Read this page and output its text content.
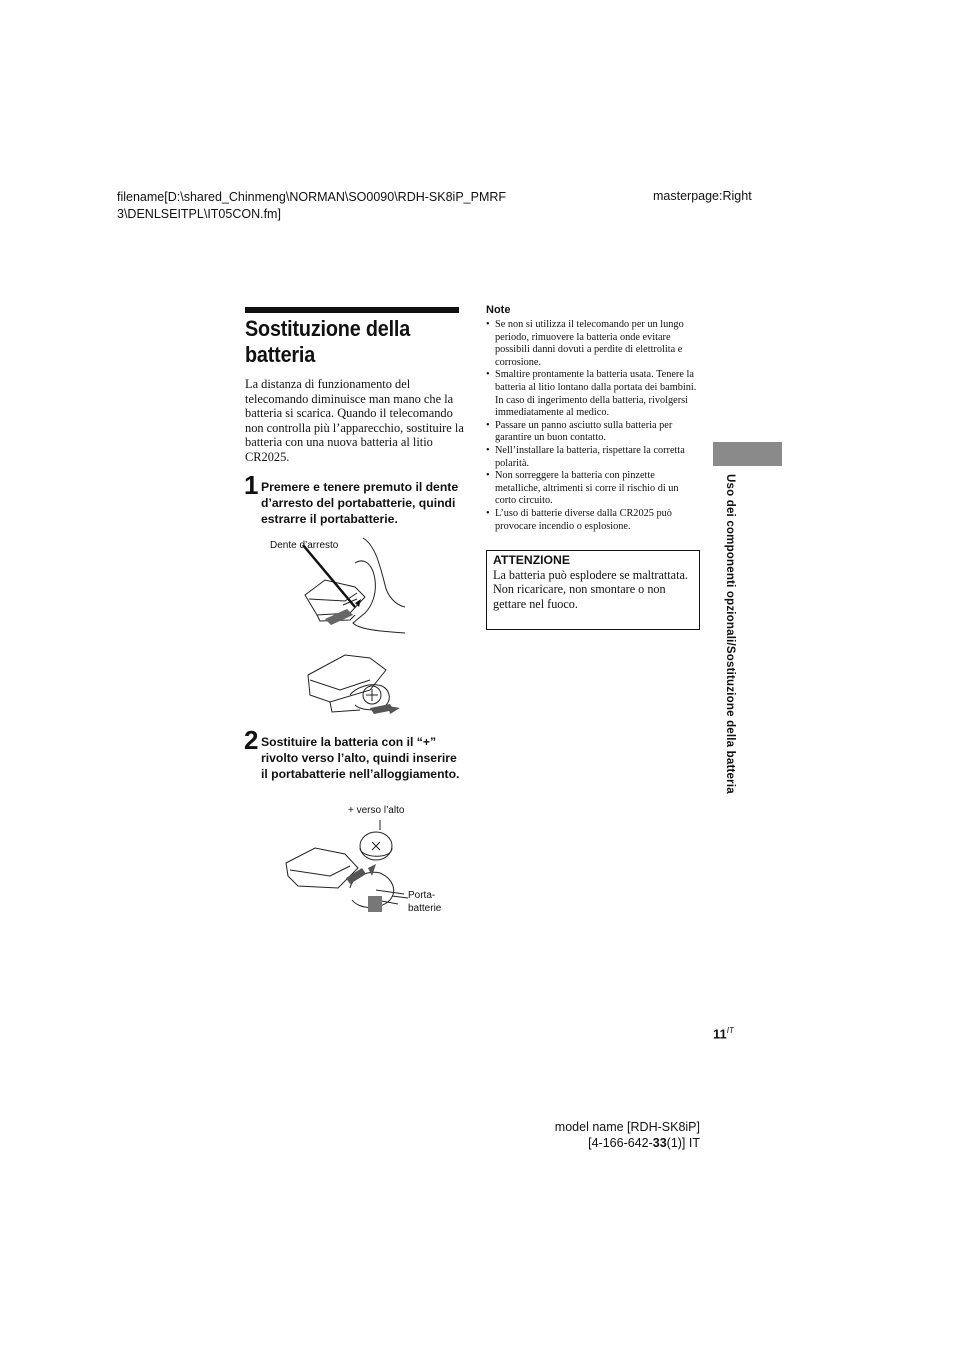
filename[D:\shared_Chinmeng\NORMAN\SO0090\RDH-SK8iP_PMRF
3\DENLSEITPL\IT05CON.fm]
masterpage:Right
Sostituzione della batteria
La distanza di funzionamento del telecomando diminuisce man mano che la batteria si scarica. Quando il telecomando non controlla più l’apparecchio, sostituire la batteria con una nuova batteria al litio CR2025.
1 Premere e tenere premuto il dente d’arresto del portabatterie, quindi estrarre il portabatterie.
Dente d’arresto
2 Sostituire la batteria con il “+” rivolto verso l’alto, quindi inserire il portabatterie nell’alloggiamento.
+ verso l’alto
Porta-
batterie
Note
• Se non si utilizza il telecomando per un lungo periodo, rimuovere la batteria onde evitare possibili danni dovuti a perdite di elettrolita e corrosione.
• Smaltire prontamente la batteria usata. Tenere la batteria al litio lontano dalla portata dei bambini. In caso di ingerimento della batteria, rivolgersi immediatamente al medico.
• Passare un panno asciutto sulla batteria per garantire un buon contatto.
• Nell’installare la batteria, rispettare la corretta polarità.
• Non sorreggere la batteria con pinzette metalliche, altrimenti si corre il rischio di un corto circuito.
• L’uso di batterie diverse dalla CR2025 può provocare incendio o esplosione.
ATTENZIONE
La batteria può esplodere se maltrattata.
Non ricaricare, non smontare o non gettare nel fuoco.	Uso dei componenti opzionali/Sostituzione della batteria
$11^{IT}$
model name [RDH-SK8iP]
[4-166-642-33(1)] IT
